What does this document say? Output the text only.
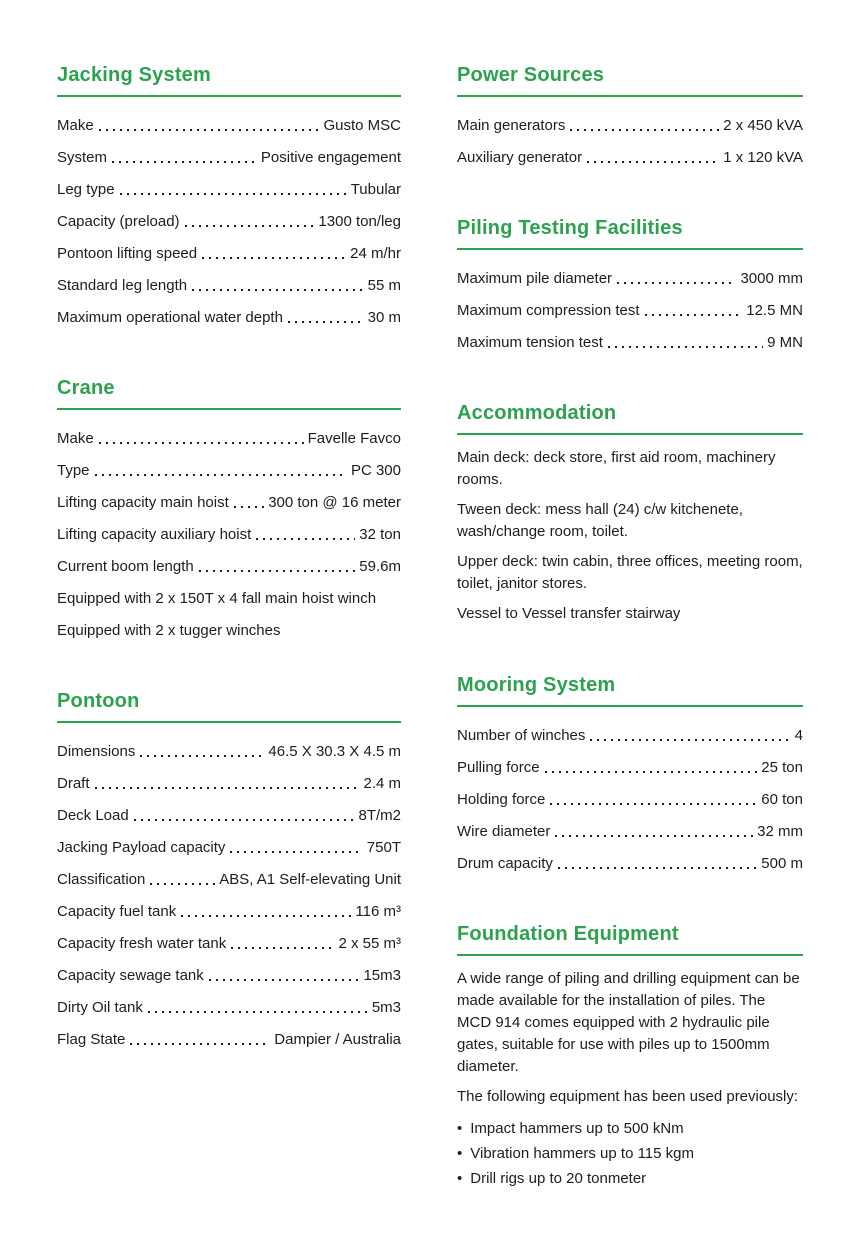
Jacking System
Make	Gusto MSC
System	Positive engagement
Leg type	Tubular
Capacity (preload)	1300 ton/leg
Pontoon lifting speed	24 m/hr
Standard leg length	55 m
Maximum operational water depth	30 m
Crane
Make	Favelle Favco
Type	PC 300
Lifting capacity main hoist	300 ton @ 16 meter
Lifting capacity auxiliary hoist	32 ton
Current boom length	59.6m
Equipped with 2 x 150T x 4 fall main hoist winch
Equipped with 2 x tugger winches
Pontoon
Dimensions	46.5 X 30.3 X 4.5 m
Draft	2.4 m
Deck Load	8T/m2
Jacking Payload capacity	750T
Classification	ABS, A1 Self-elevating Unit
Capacity fuel tank	116 m³
Capacity fresh water tank	2 x 55 m³
Capacity sewage tank	15m3
Dirty Oil tank	5m3
Flag State	Dampier / Australia
Power Sources
Main generators	2 x 450 kVA
Auxiliary generator	1 x 120 kVA
Piling Testing Facilities
Maximum pile diameter	3000 mm
Maximum compression test	12.5 MN
Maximum tension test	9 MN
Accommodation

Main deck: deck store, first aid room, machinery rooms.

Tween deck: mess hall (24) c/w kitchenete, wash/change room, toilet.

Upper deck: twin cabin, three offices, meeting room, toilet, janitor stores.

Vessel to Vessel transfer stairway

Mooring System
Number of winches	4
Pulling force	25 ton
Holding force	60 ton
Wire diameter	32 mm
Drum capacity	500 m
Foundation Equipment

A wide range of piling and drilling equipment can be made available for the installation of piles. The MCD 914 comes equipped with 2 hydraulic pile gates, suitable for use with piles up to 1500mm diameter.

The following equipment has been used previously:

• Impact hammers up to 500 kNm
• Vibration hammers up to 115 kgm
• Drill rigs up to 20 tonmeter
